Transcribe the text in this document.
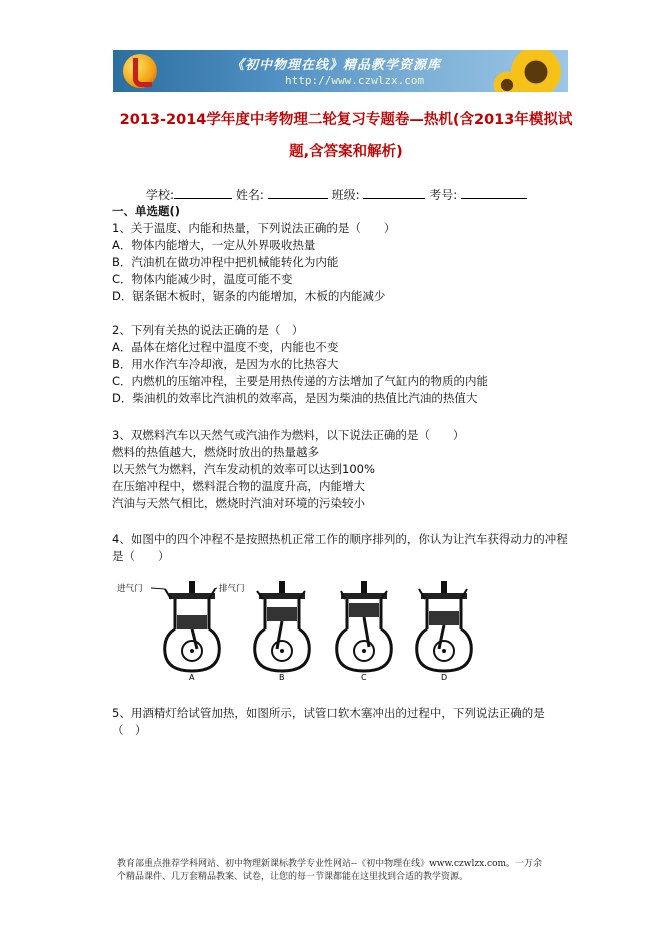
《初中物理在线》精品教学资源库
http://www.czwlzx.com
2013-2014学年度中考物理二轮复习专题卷—热机(含2013年模拟试
题,含答案和解析)
学校:	姓名:	班级:	考号:

一、单选题()

1、关于温度、内能和热量，下列说法正确的是（　　）

A．物体内能增大，一定从外界吸收热量

B．汽油机在做功冲程中把机械能转化为内能

C．物体内能减少时，温度可能不变

D．锯条锯木板时，锯条的内能增加，木板的内能减少

2、下列有关热的说法正确的是（　）

A．晶体在熔化过程中温度不变，内能也不变

B．用水作汽车冷却液，是因为水的比热容大

C．内燃机的压缩冲程，主要是用热传递的方法增加了气缸内的物质的内能

D．柴油机的效率比汽油机的效率高，是因为柴油的热值比汽油的热值大

3、双燃料汽车以天然气或汽油作为燃料，以下说法正确的是（　　）

燃料的热值越大，燃烧时放出的热量越多

以天然气为燃料，汽车发动机的效率可以达到100%

在压缩冲程中，燃料混合物的温度升高，内能增大

汽油与天然气相比，燃烧时汽油对环境的污染较小

4、如图中的四个冲程不是按照热机正常工作的顺序排列的，你认为让汽车获得动力的冲程

是（　　）

进气门	排气门
A	B	C	D

5、用酒精灯给试管加热，如图所示，试管口软木塞冲出的过程中，下列说法正确的是

（　）

教育部重点推荐学科网站、初中物理新课标教学专业性网站--《初中物理在线》www.czwlzx.com。一万余
个精品课件、几万套精品教案、试卷，让您的每一节课都能在这里找到合适的教学资源。
